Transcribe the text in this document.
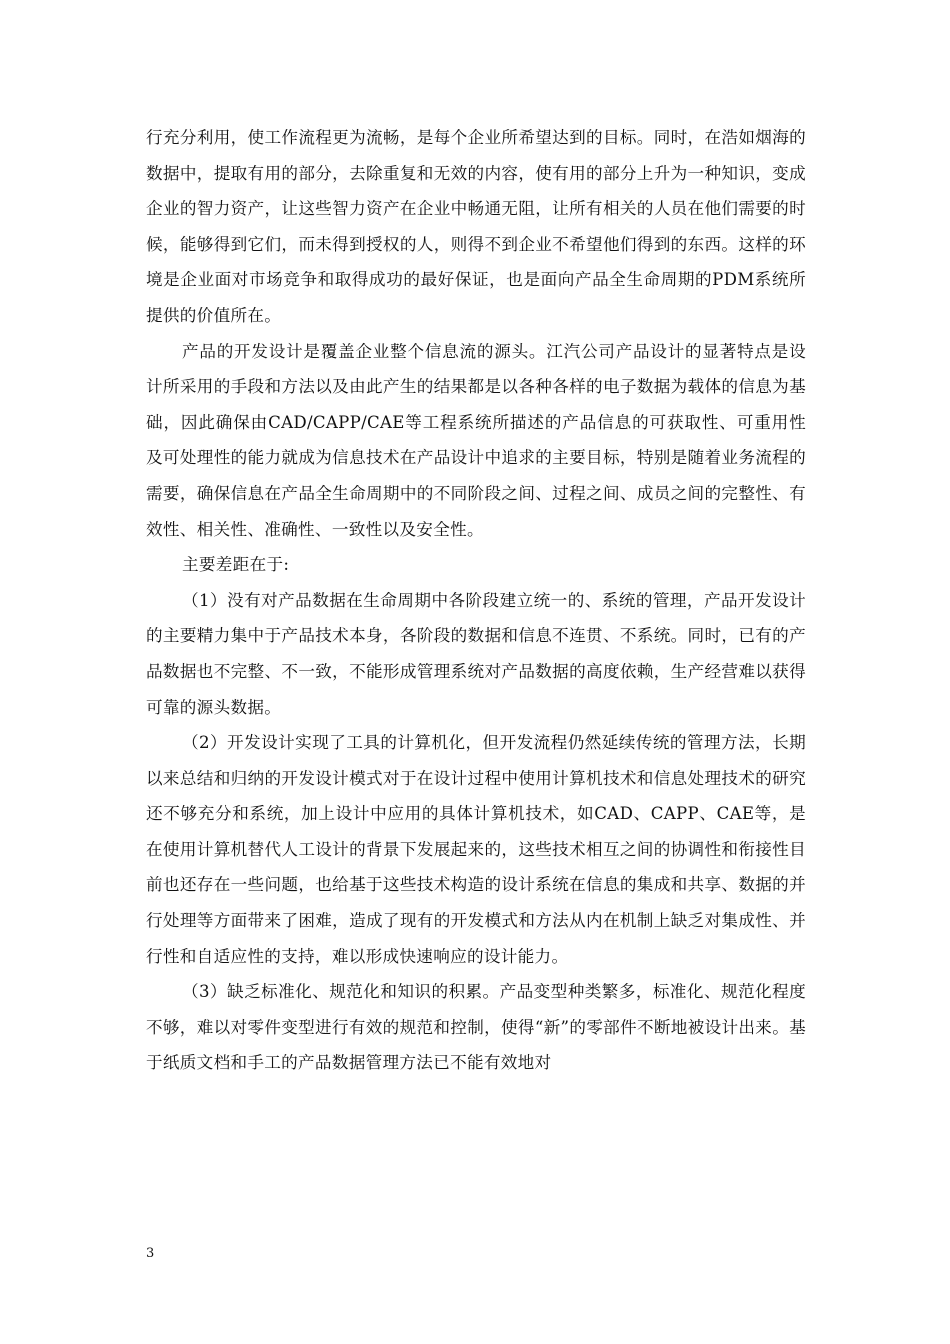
行充分利用，使工作流程更为流畅，是每个企业所希望达到的目标。同时，在浩如烟海的数据中，提取有用的部分，去除重复和无效的内容，使有用的部分上升为一种知识，变成企业的智力资产，让这些智力资产在企业中畅通无阻，让所有相关的人员在他们需要的时候，能够得到它们，而未得到授权的人，则得不到企业不希望他们得到的东西。这样的环境是企业面对市场竞争和取得成功的最好保证，也是面向产品全生命周期的PDM系统所提供的价值所在。

产品的开发设计是覆盖企业整个信息流的源头。江汽公司产品设计的显著特点是设计所采用的手段和方法以及由此产生的结果都是以各种各样的电子数据为载体的信息为基础，因此确保由CAD/CAPP/CAE等工程系统所描述的产品信息的可获取性、可重用性及可处理性的能力就成为信息技术在产品设计中追求的主要目标，特别是随着业务流程的需要，确保信息在产品全生命周期中的不同阶段之间、过程之间、成员之间的完整性、有效性、相关性、准确性、一致性以及安全性。

主要差距在于:

（1）没有对产品数据在生命周期中各阶段建立统一的、系统的管理，产品开发设计的主要精力集中于产品技术本身，各阶段的数据和信息不连贯、不系统。同时，已有的产品数据也不完整、不一致，不能形成管理系统对产品数据的高度依赖，生产经营难以获得可靠的源头数据。

（2）开发设计实现了工具的计算机化，但开发流程仍然延续传统的管理方法，长期以来总结和归纳的开发设计模式对于在设计过程中使用计算机技术和信息处理技术的研究还不够充分和系统，加上设计中应用的具体计算机技术，如CAD、CAPP、CAE等，是在使用计算机替代人工设计的背景下发展起来的，这些技术相互之间的协调性和衔接性目前也还存在一些问题，也给基于这些技术构造的设计系统在信息的集成和共享、数据的并行处理等方面带来了困难，造成了现有的开发模式和方法从内在机制上缺乏对集成性、并行性和自适应性的支持，难以形成快速响应的设计能力。

（3）缺乏标准化、规范化和知识的积累。产品变型种类繁多，标准化、规范化程度不够，难以对零件变型进行有效的规范和控制，使得“新”的零部件不断地被设计出来。基于纸质文档和手工的产品数据管理方法已不能有效地对

3
